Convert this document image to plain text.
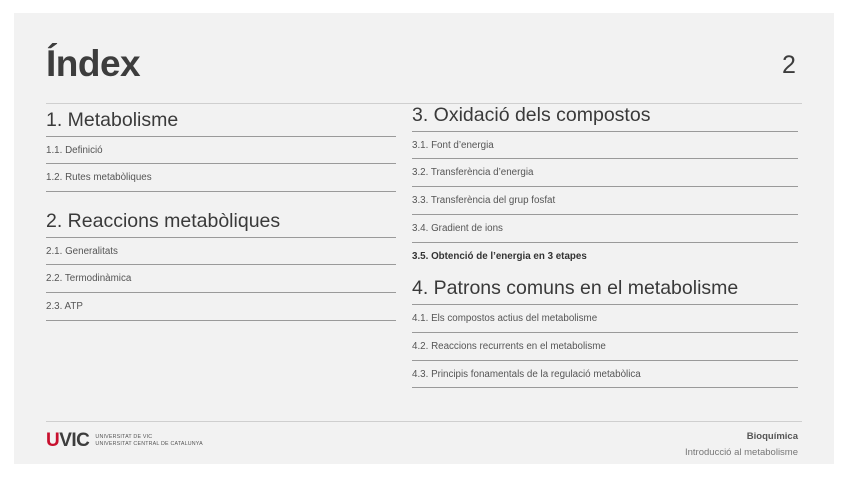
Índex	2
1. Metabolisme
1.1. Definició
1.2. Rutes metabòliques
2. Reaccions metabòliques
2.1. Generalitats
2.2. Termodinàmica
2.3. ATP
3. Oxidació dels compostos
3.1. Font d’energia
3.2. Transferència d’energia
3.3. Transferència del grup fosfat
3.4. Gradient de ions
3.5. Obtenció de l’energia en 3 etapes
4. Patrons comuns en el metabolisme
4.1. Els compostos actius del metabolisme
4.2. Reaccions recurrents en el metabolisme
4.3. Principis fonamentals de la regulació metabòlica
UVIC UNIVERSITAT DE VIC
UNIVERSITAT CENTRAL DE CATALUNYA
Bioquímica
Introducció al metabolisme
